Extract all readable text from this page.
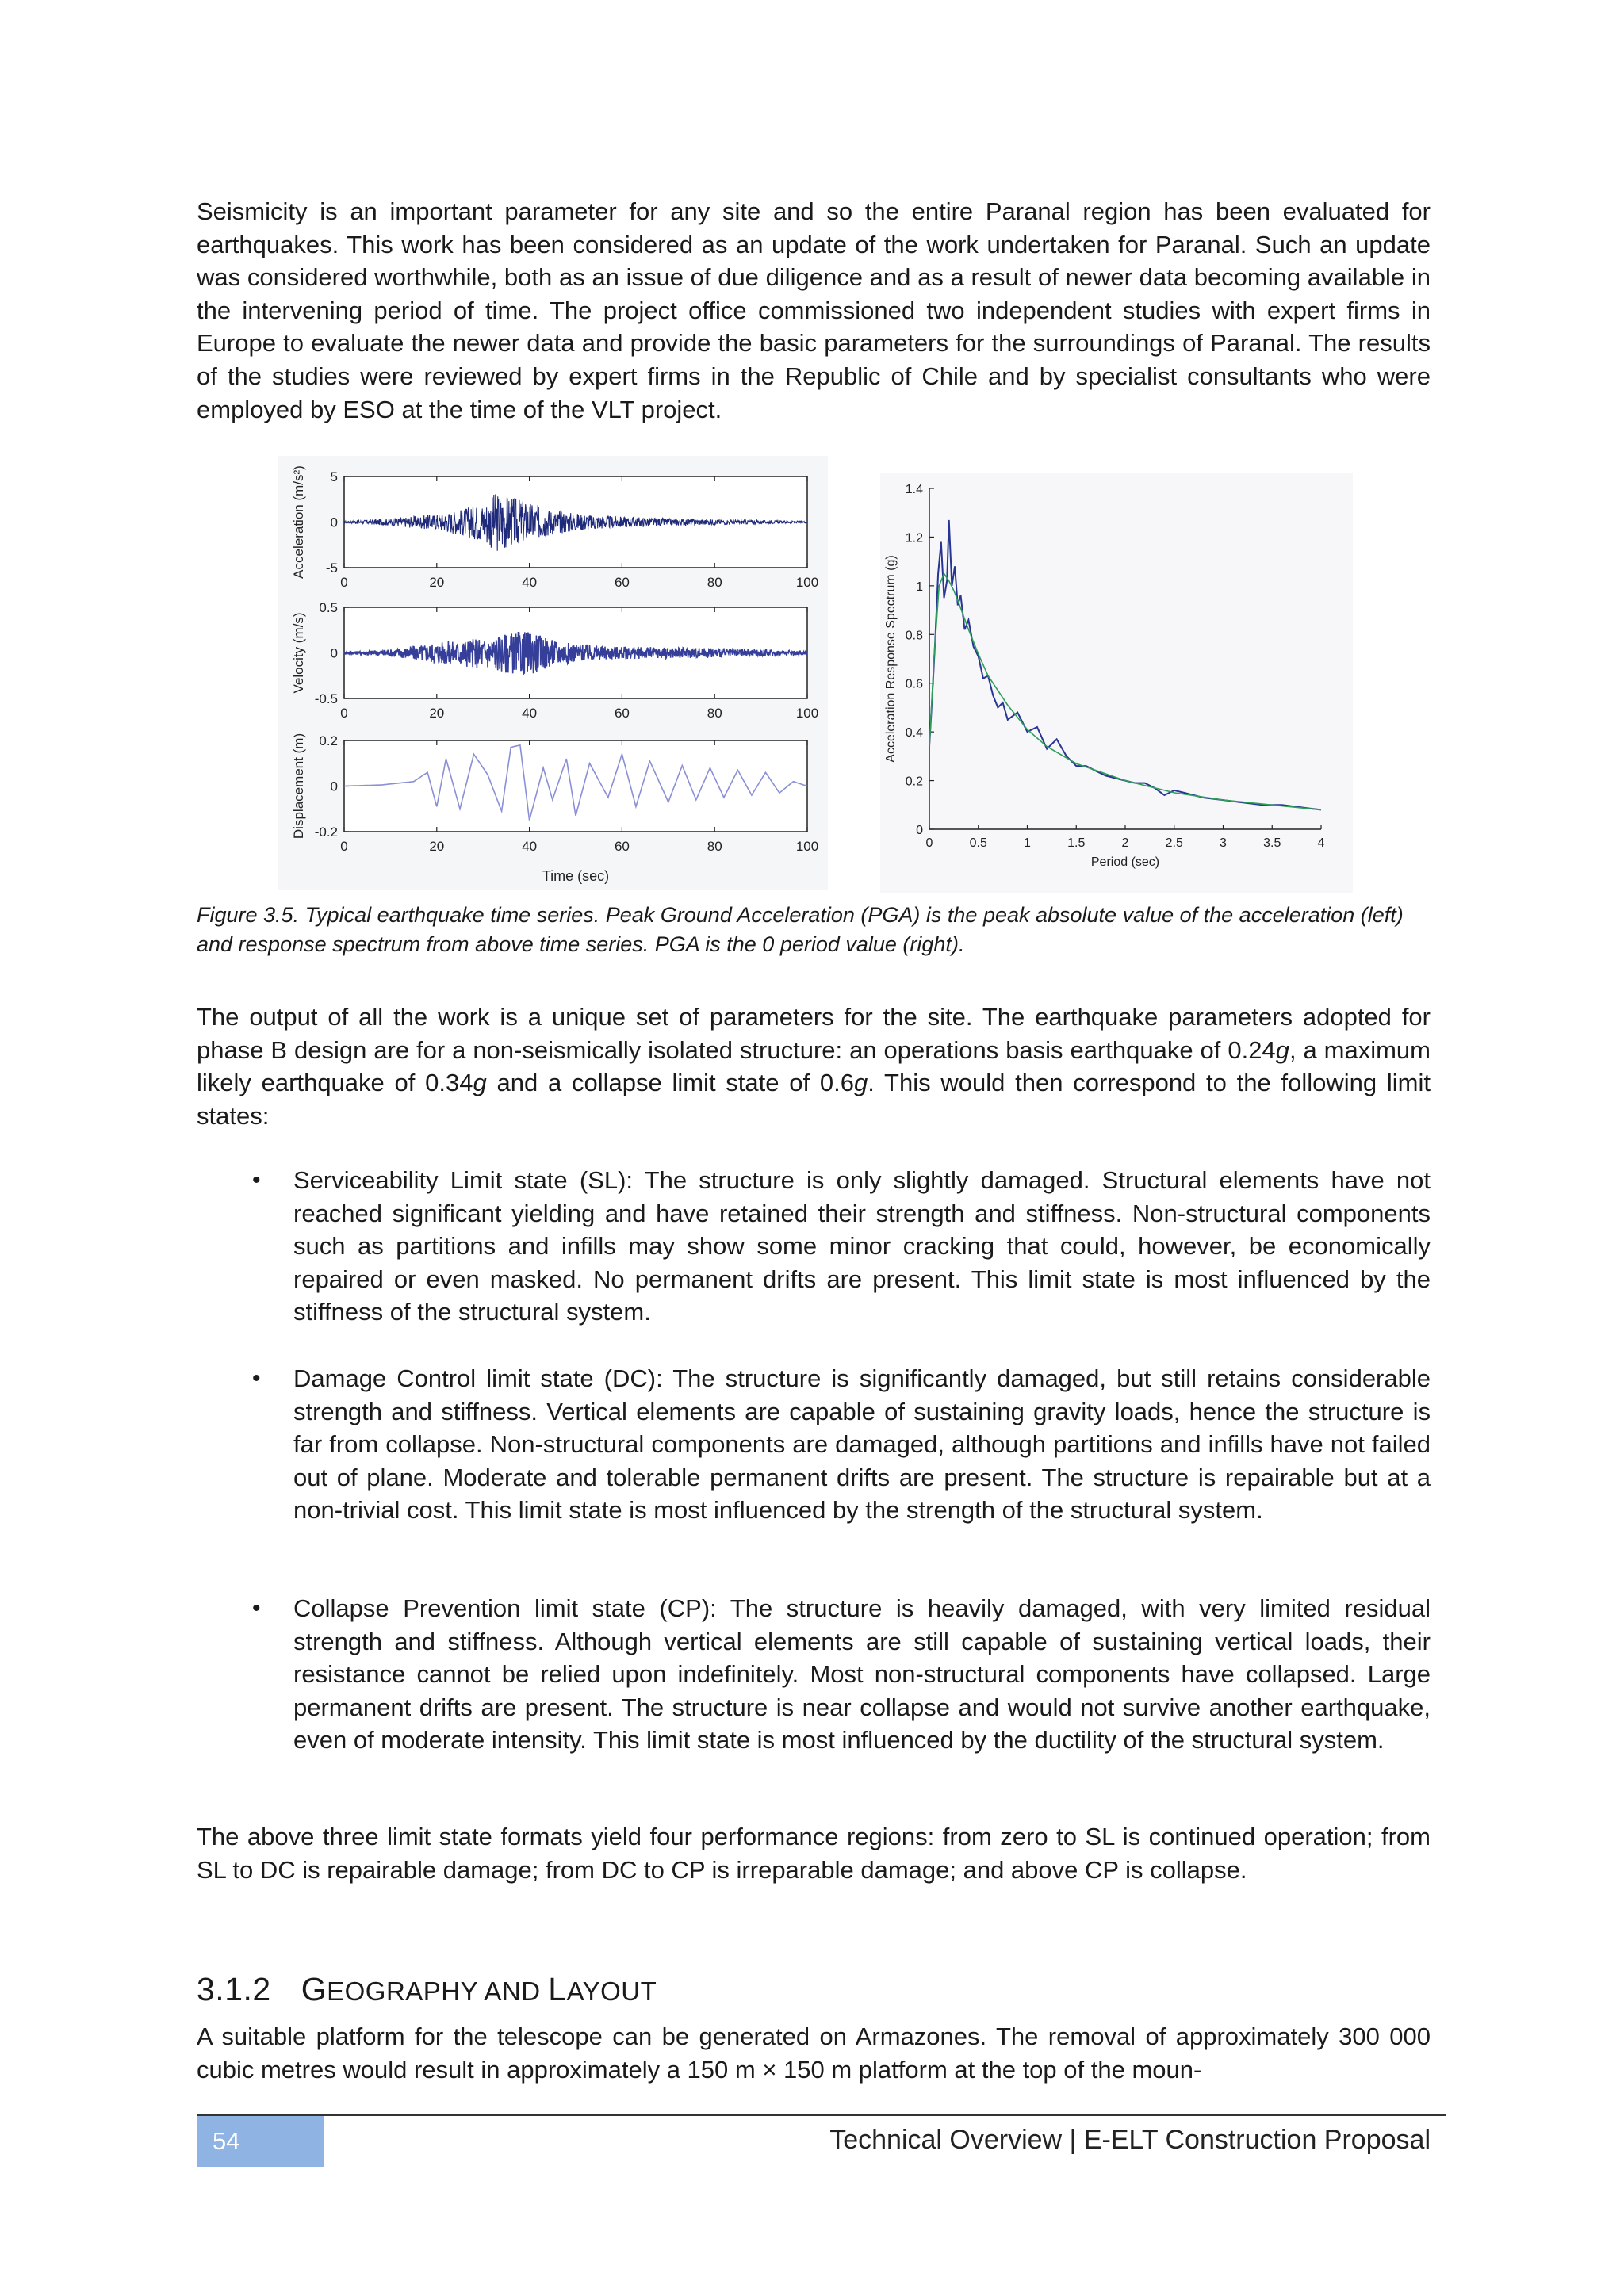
Seismicity is an important parameter for any site and so the entire Paranal region has been evaluated for earthquakes. This work has been considered as an update of the work undertaken for Paranal. Such an update was considered worthwhile, both as an issue of due diligence and as a result of newer data becoming available in the intervening period of time. The project office commissioned two independent studies with expert firms in Europe to evaluate the newer data and provide the basic parameters for the surroundings of Paranal. The results of the studies were reviewed by expert firms in the Republic of Chile and by specialist consultants who were employed by ESO at the time of the VLT project.

0	20	40	60	80	100
5
0
-5
Acceleration (m/s²)
0	20	40	60	80	100
0.5
0
-0.5
Velocity (m/s)
0	20	40	60	80	100
0.2
0
-0.2
Displacement (m)
Time (sec)
0	0.5	1	1.5	2	2.5	3	3.5	4
0
0.2
0.4
0.6
0.8
1
1.2
1.4
Period (sec)
Acceleration Response Spectrum (g)

Figure 3.5. Typical earthquake time series. Peak Ground Acceleration (PGA) is the peak absolute value of the acceleration (left) and response spectrum from above time series. PGA is the 0 period value (right).

The output of all the work is a unique set of parameters for the site. The earthquake parameters adopted for phase B design are for a non-seismically isolated structure: an operations basis earthquake of 0.24g, a maximum likely earthquake of 0.34g and a collapse limit state of 0.6g. This would then correspond to the following limit states:

• Serviceability Limit state (SL): The structure is only slightly damaged. Structural elements have not reached significant yielding and have retained their strength and stiffness. Non-structural components such as partitions and infills may show some minor cracking that could, however, be economically repaired or even masked. No permanent drifts are present. This limit state is most influenced by the stiffness of the structural system.
• Damage Control limit state (DC): The structure is significantly damaged, but still retains considerable strength and stiffness. Vertical elements are capable of sustaining gravity loads, hence the structure is far from collapse. Non-structural components are damaged, although partitions and infills have not failed out of plane. Moderate and tolerable permanent drifts are present. The structure is repairable but at a non-trivial cost. This limit state is most influenced by the strength of the structural system.
• Collapse Prevention limit state (CP): The structure is heavily damaged, with very limited residual strength and stiffness. Although vertical elements are still capable of sustaining vertical loads, their resistance cannot be relied upon indefinitely. Most non-structural components have collapsed. Large permanent drifts are present. The structure is near collapse and would not survive another earthquake, even of moderate intensity. This limit state is most influenced by the ductility of the structural system.

The above three limit state formats yield four performance regions: from zero to SL is continued operation; from SL to DC is repairable damage; from DC to CP is irreparable damage; and above CP is collapse.

3.1.2 GEOGRAPHY AND LAYOUT

A suitable platform for the telescope can be generated on Armazones. The removal of approximately 300 000 cubic metres would result in approximately a 150 m × 150 m platform at the top of the moun-

54	Technical Overview | E-ELT Construction Proposal
